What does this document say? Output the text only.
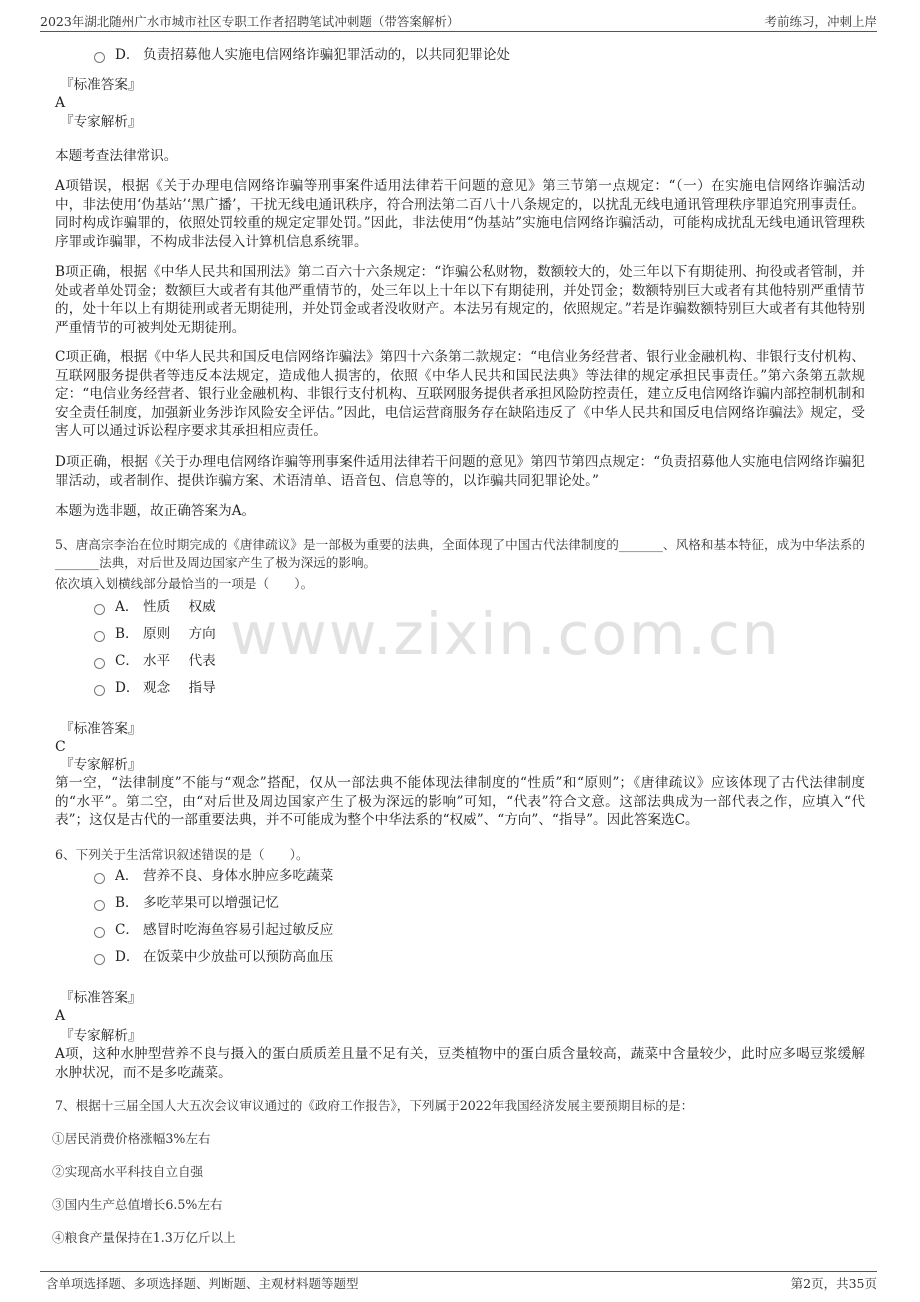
2023年湖北随州广水市城市社区专职工作者招聘笔试冲刺题（带答案解析）	考前练习，冲刺上岸
www.zixin.com.cn
D． 负责招募他人实施电信网络诈骗犯罪活动的，以共同犯罪论处
『标准答案』
A
『专家解析』
本题考查法律常识。
A项错误，根据《关于办理电信网络诈骗等刑事案件适用法律若干问题的意见》第三节第一点规定：“（一）在实施电信网络诈骗活动中，非法使用‘伪基站’‘黑广播’，干扰无线电通讯秩序，符合刑法第二百八十八条规定的，以扰乱无线电通讯管理秩序罪追究刑事责任。同时构成诈骗罪的，依照处罚较重的规定定罪处罚。”因此，非法使用“伪基站”实施电信网络诈骗活动，可能构成扰乱无线电通讯管理秩序罪或诈骗罪，不构成非法侵入计算机信息系统罪。
B项正确，根据《中华人民共和国刑法》第二百六十六条规定：“诈骗公私财物，数额较大的，处三年以下有期徒刑、拘役或者管制，并处或者单处罚金；数额巨大或者有其他严重情节的，处三年以上十年以下有期徒刑，并处罚金；数额特别巨大或者有其他特别严重情节的，处十年以上有期徒刑或者无期徒刑，并处罚金或者没收财产。本法另有规定的，依照规定。”若是诈骗数额特别巨大或者有其他特别严重情节的可被判处无期徒刑。
C项正确，根据《中华人民共和国反电信网络诈骗法》第四十六条第二款规定：“电信业务经营者、银行业金融机构、非银行支付机构、互联网服务提供者等违反本法规定，造成他人损害的，依照《中华人民共和国民法典》等法律的规定承担民事责任。”第六条第五款规定：“电信业务经营者、银行业金融机构、非银行支付机构、互联网服务提供者承担风险防控责任，建立反电信网络诈骗内部控制机制和安全责任制度，加强新业务涉诈风险安全评估。”因此，电信运营商服务存在缺陷违反了《中华人民共和国反电信网络诈骗法》规定，受害人可以通过诉讼程序要求其承担相应责任。
D项正确，根据《关于办理电信网络诈骗等刑事案件适用法律若干问题的意见》第四节第四点规定：“负责招募他人实施电信网络诈骗犯罪活动，或者制作、提供诈骗方案、术语清单、语音包、信息等的，以诈骗共同犯罪论处。”
本题为选非题，故正确答案为A。
5、唐高宗李治在位时期完成的《唐律疏议》是一部极为重要的法典，全面体现了中国古代法律制度的_______、风格和基本特征，成为中华法系的_______法典，对后世及周边国家产生了极为深远的影响。
依次填入划横线部分最恰当的一项是（　　）。
A． 性质 权威
B． 原则 方向
C． 水平 代表
D． 观念 指导
『标准答案』
C
『专家解析』
第一空，“法律制度”不能与“观念”搭配，仅从一部法典不能体现法律制度的“性质”和“原则”；《唐律疏议》应该体现了古代法律制度的“水平”。第二空，由“对后世及周边国家产生了极为深远的影响”可知，“代表”符合文意。这部法典成为一部代表之作，应填入“代表”；这仅是古代的一部重要法典，并不可能成为整个中华法系的“权威”、“方向”、“指导”。因此答案选C。
6、下列关于生活常识叙述错误的是（　　）。
A． 营养不良、身体水肿应多吃蔬菜
B． 多吃苹果可以增强记忆
C． 感冒时吃海鱼容易引起过敏反应
D． 在饭菜中少放盐可以预防高血压
『标准答案』
A
『专家解析』
A项，这种水肿型营养不良与摄入的蛋白质质差且量不足有关，豆类植物中的蛋白质含量较高，蔬菜中含量较少，此时应多喝豆浆缓解水肿状况，而不是多吃蔬菜。
7、根据十三届全国人大五次会议审议通过的《政府工作报告》，下列属于2022年我国经济发展主要预期目标的是：
①居民消费价格涨幅3%左右
②实现高水平科技自立自强
③国内生产总值增长6.5%左右
④粮食产量保持在1.3万亿斤以上
含单项选择题、多项选择题、判断题、主观材料题等题型	第2页，共35页
